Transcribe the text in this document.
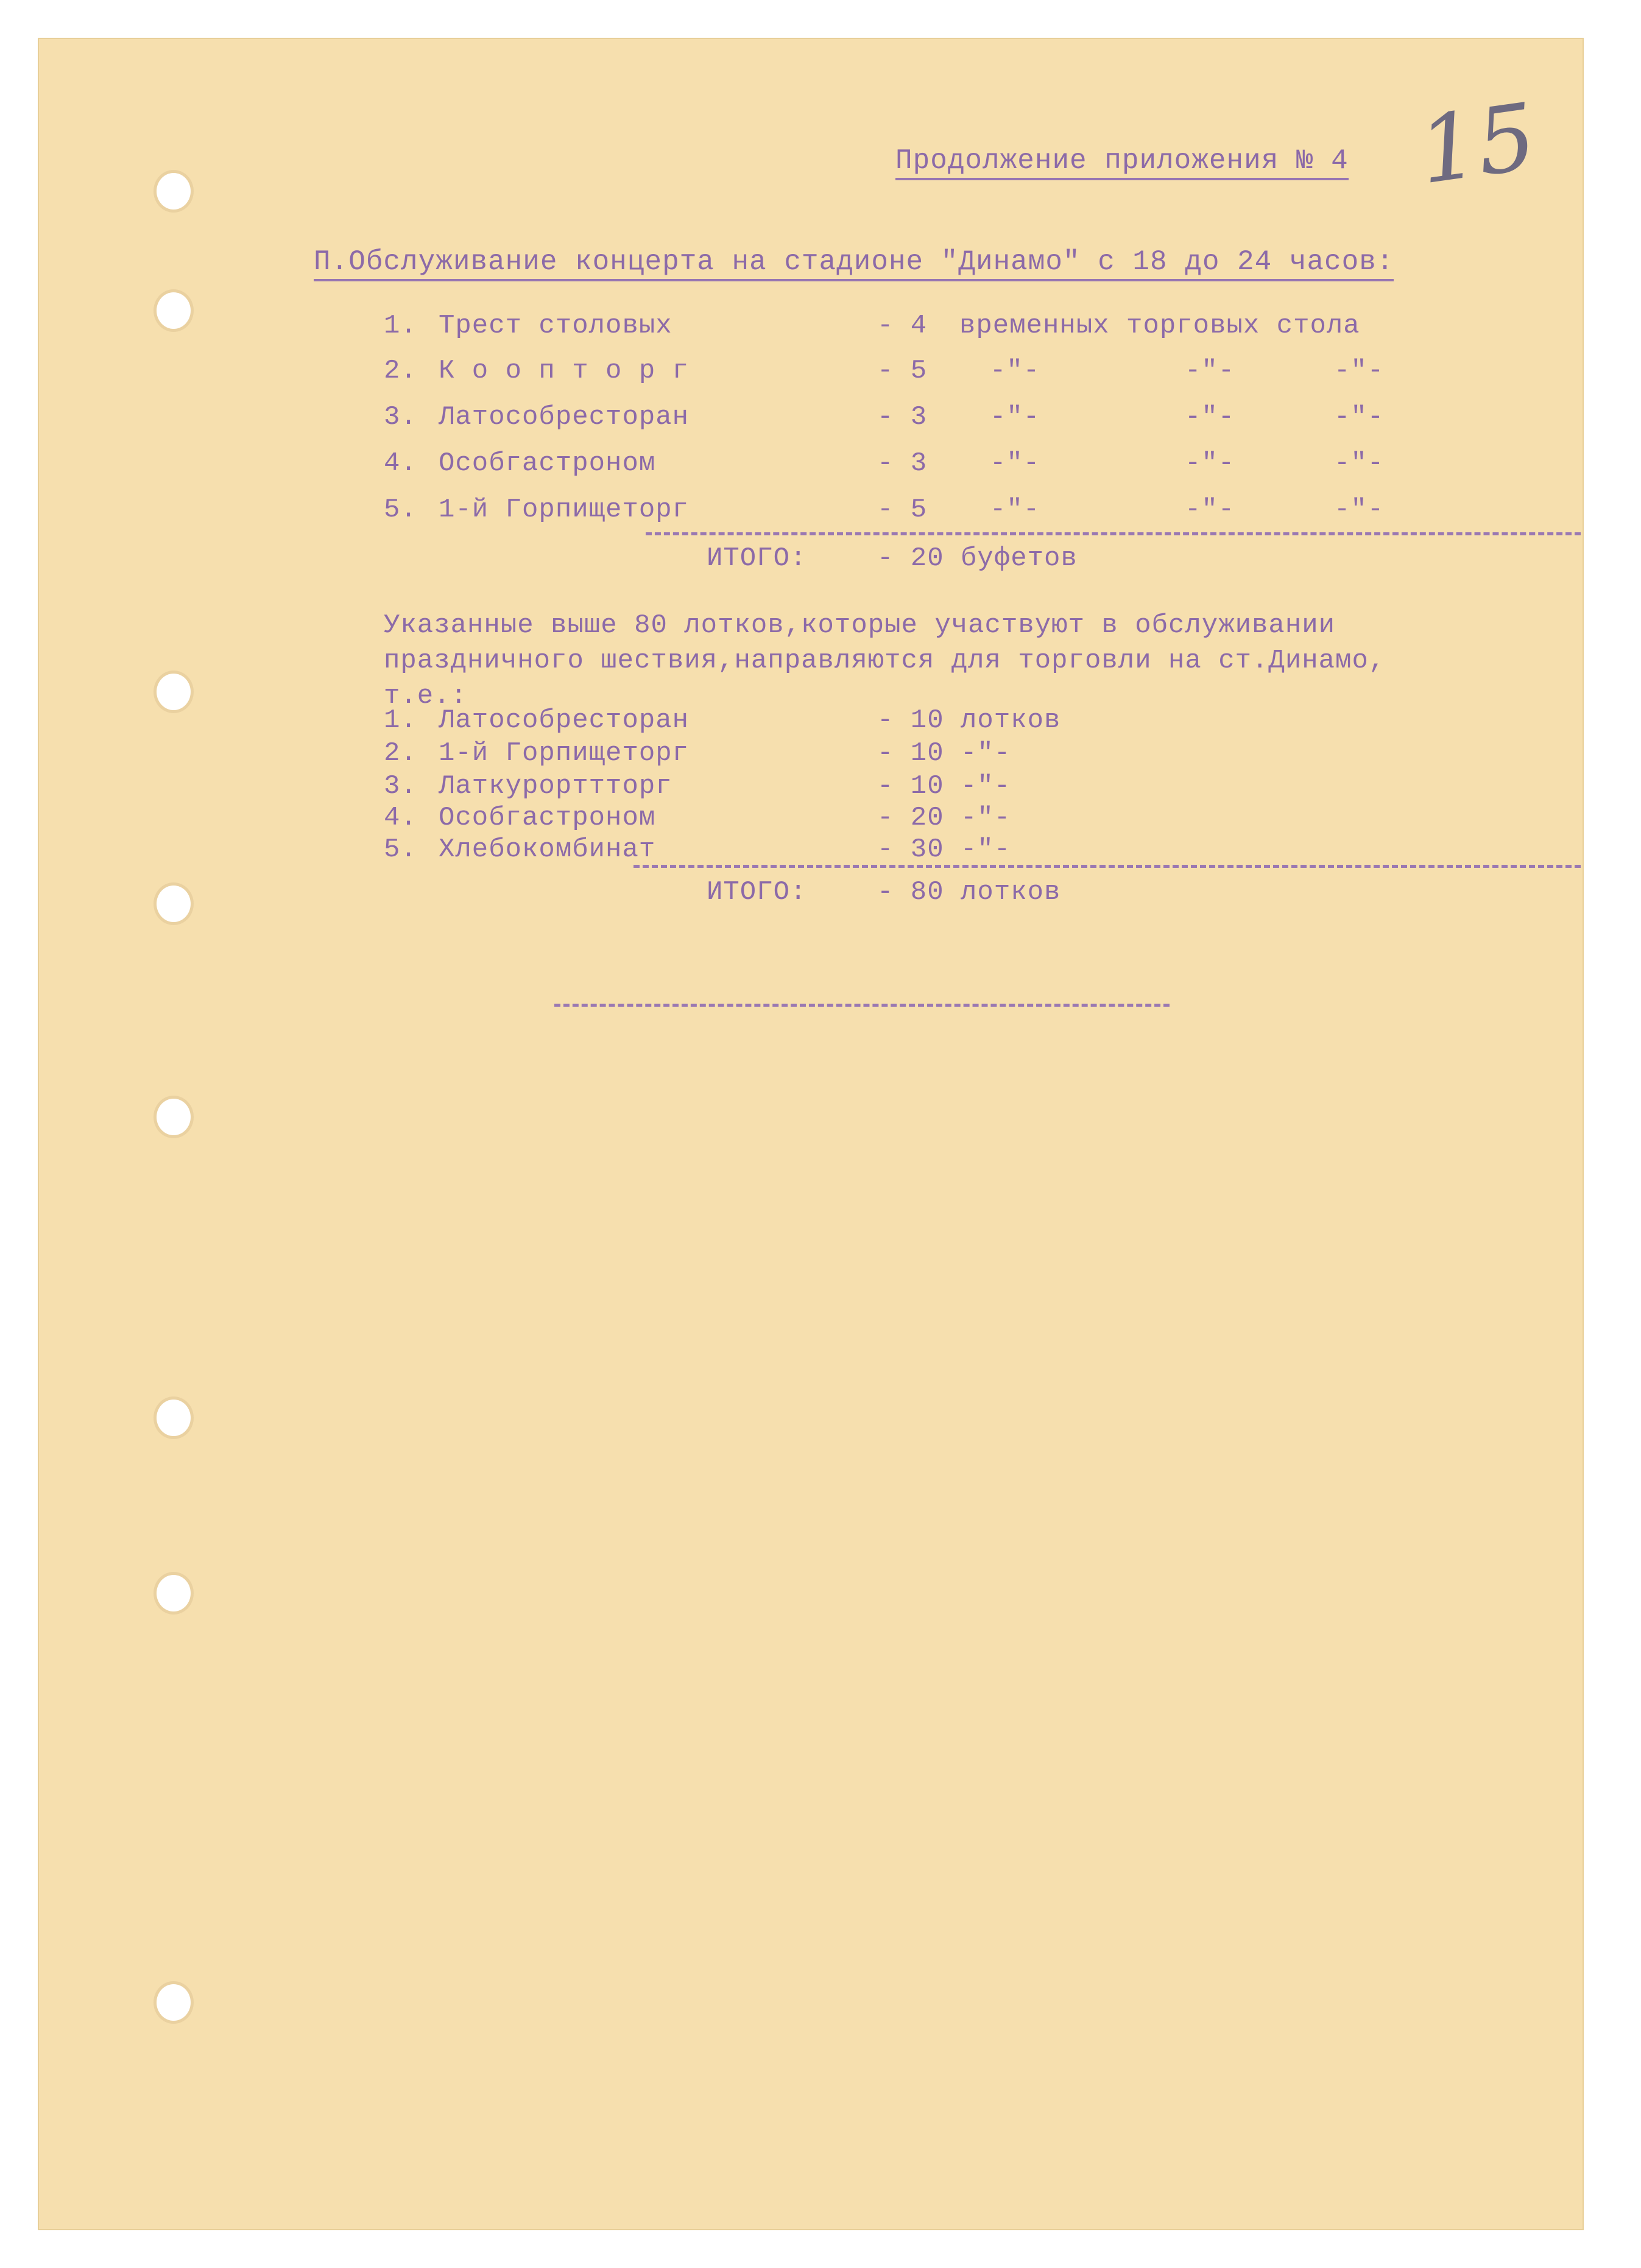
15
Продолжение приложения № 4
П.Обслуживание концерта на стадионе "Динамо" с 18 до 24 часов:
1. Трест столовых	- 4 временных торговых стола
2. К о о п т о р г	- 5 -"-	-"-	-"-
3. Латособресторан	- 3 -"-	-"-	-"-
4. Особгастроном	- 3 -"-	-"-	-"-
5. 1-й Горпищеторг	- 5 -"-	-"-	-"-
ИТОГО:	- 20 буфетов
Указанные выше 80 лотков,которые участвуют в обслуживании
праздничного шествия,направляются для торговли на ст.Динамо,
т.е.:
1. Латособресторан	- 10 лотков
2. 1-й Горпищеторг	- 10 -"-
3. Латкурорттторг	- 10 -"-
4. Особгастроном	- 20 -"-
5. Хлебокомбинат	- 30 -"-
ИТОГО:	- 80 лотков
